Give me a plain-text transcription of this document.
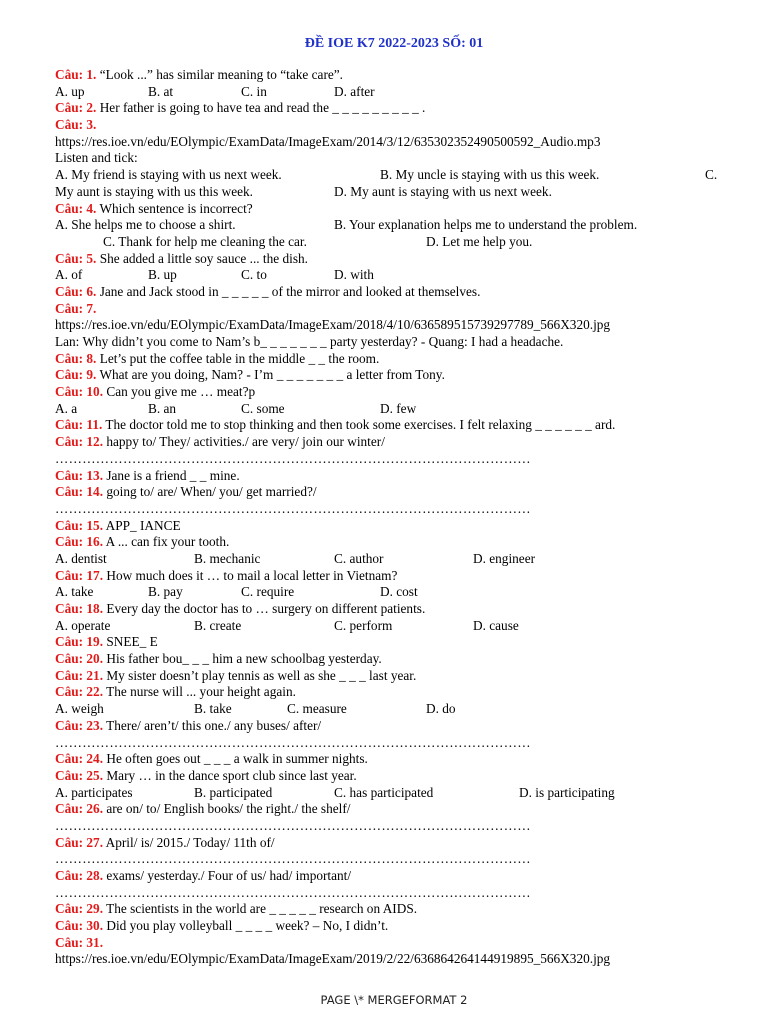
ĐỀ IOE K7 2022-2023 SỐ: 01
Câu: 1. “Look ...” has similar meaning to “take care”.
A. up	B. at	C. in	D. after
Câu: 2. Her father is going to have tea and read the _ _ _ _ _ _ _ _ _ .
Câu: 3.
https://res.ioe.vn/edu/EOlympic/ExamData/ImageExam/2014/3/12/635302352490500592_Audio.mp3
Listen and tick:
A. My friend is staying with us next week.	B. My uncle is staying with us this week.	C.
My aunt is staying with us this week.	D. My aunt is staying with us next week.
Câu: 4. Which sentence is incorrect?
A. She helps me to choose a shirt.	B. Your explanation helps me to understand the problem.
C. Thank for help me cleaning the car.	D. Let me help you.
Câu: 5. She added a little soy sauce ... the dish.
A. of	B. up	C. to	D. with
Câu: 6. Jane and Jack stood in _ _ _ _ _ of the mirror and looked at themselves.
Câu: 7.
https://res.ioe.vn/edu/EOlympic/ExamData/ImageExam/2018/4/10/636589515739297789_566X320.jpg
Lan: Why didn’t you come to Nam’s b_ _ _ _ _ _ _ party yesterday? - Quang: I had a headache.
Câu: 8. Let’s put the coffee table in the middle _ _ the room.
Câu: 9. What are you doing, Nam? - I’m _ _ _ _ _ _ _ a letter from Tony.
Câu: 10. Can you give me … meat?p
A. a	B. an	C. some	D. few
Câu: 11. The doctor told me to stop thinking and then took some exercises. I felt relaxing _ _ _ _ _ _ ard.
Câu: 12. happy to/ They/ activities./ are very/ join our winter/
……………………………………………………………………………………………
Câu: 13. Jane is a friend _ _ mine.
Câu: 14. going to/ are/ When/ you/ get married?/
……………………………………………………………………………………………
Câu: 15. APP_ IANCE
Câu: 16. A ... can fix your tooth.
A. dentist	B. mechanic	C. author	D. engineer
Câu: 17. How much does it … to mail a local letter in Vietnam?
A. take	B. pay	C. require	D. cost
Câu: 18. Every day the doctor has to … surgery on different patients.
A. operate	B. create	C. perform	D. cause
Câu: 19. SNEE_ E
Câu: 20. His father bou_ _ _ him a new schoolbag yesterday.
Câu: 21. My sister doesn’t play tennis as well as she _ _ _ last year.
Câu: 22. The nurse will ... your height again.
A. weigh	B. take	C. measure	D. do
Câu: 23. There/ aren’t/ this one./ any buses/ after/
……………………………………………………………………………………………
Câu: 24. He often goes out _ _ _ a walk in summer nights.
Câu: 25. Mary … in the dance sport club since last year.
A. participates	B. participated	C. has participated	D. is participating
Câu: 26. are on/ to/ English books/ the right./ the shelf/
……………………………………………………………………………………………
Câu: 27. April/ is/ 2015./ Today/ 11th of/
……………………………………………………………………………………………
Câu: 28. exams/ yesterday./ Four of us/ had/ important/
……………………………………………………………………………………………
Câu: 29. The scientists in the world are _ _ _ _ _ research on AIDS.
Câu: 30. Did you play volleyball _ _ _ _ week? – No, I didn’t.
Câu: 31.
https://res.ioe.vn/edu/EOlympic/ExamData/ImageExam/2019/2/22/636864264144919895_566X320.jpg
PAGE \* MERGEFORMAT 2
